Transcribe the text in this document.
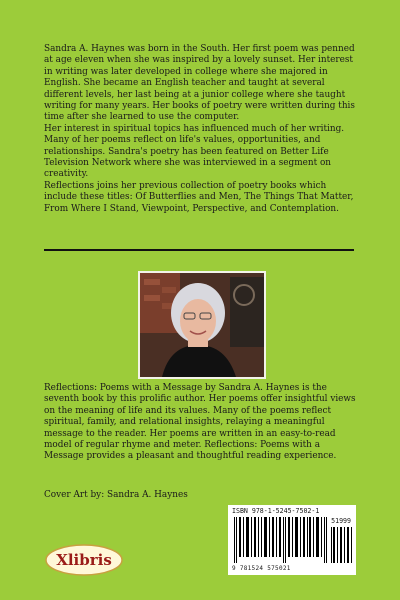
Sandra A. Haynes was born in the South. Her first poem was penned at age eleven when she was inspired by a lovely sunset. Her interest in writing was later developed in college where she majored in English. She became an English teacher and taught at several different levels, her last being at a junior college where she taught writing for many years. Her books of poetry were written during this time after she learned to use the computer.

Her interest in spiritual topics has influenced much of her writing. Many of her poems reflect on life's values, opportunities, and relationships. Sandra's poetry has been featured on Better Life Television Network where she was interviewed in a segment on creativity.

Reflections joins her previous collection of poetry books which include these titles: Of Butterflies and Men, The Things That Matter, From Where I Stand, Viewpoint, Perspective, and Contemplation.

Reflections: Poems with a Message by Sandra A. Haynes is the seventh book by this prolific author. Her poems offer insightful views on the meaning of life and its values. Many of the poems reflect spiritual, family, and relational insights, relaying a meaningful message to the reader. Her poems are written in an easy-to-read model of regular rhyme and meter. Reflections: Poems with a Message provides a pleasant and thoughtful reading experience.

Cover Art by: Sandra A. Haynes
ISBN 978-1-5245-7502-1
51999
9 781524 575021
Xlibris
